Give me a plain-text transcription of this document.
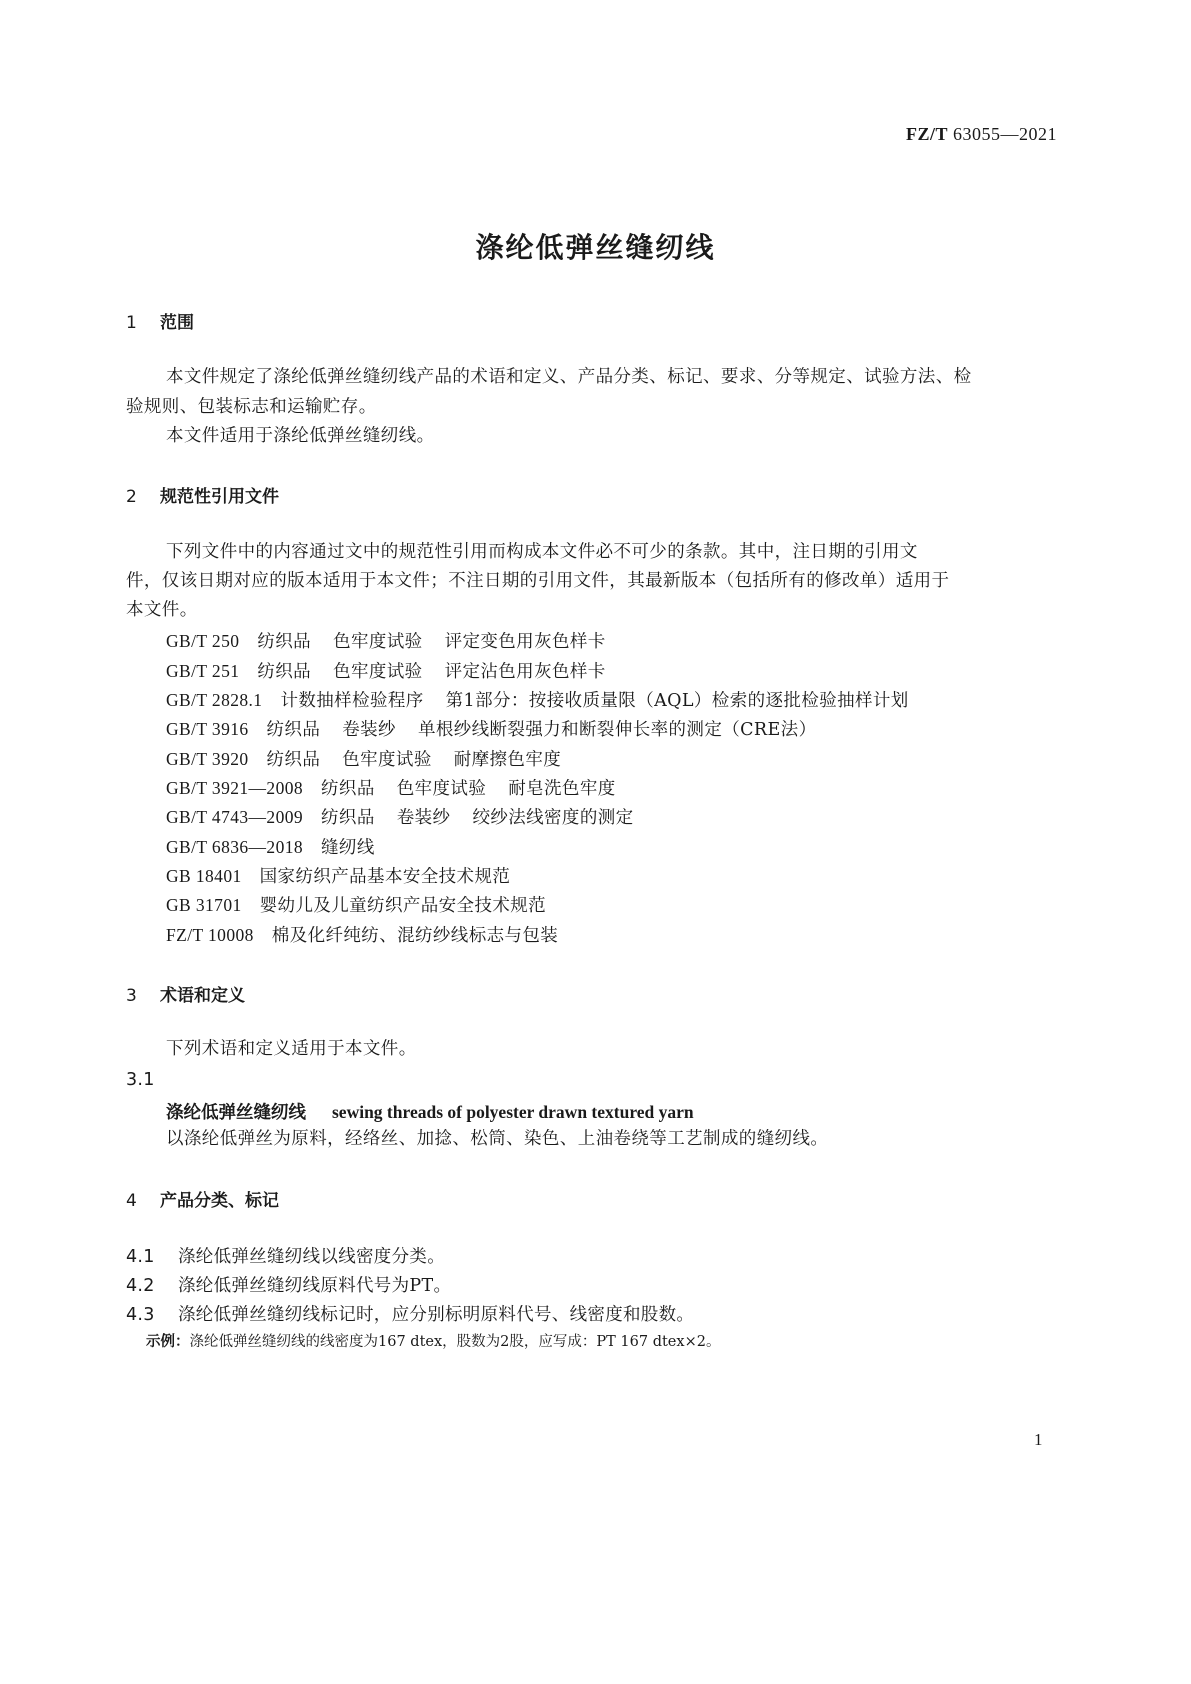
FZ/T 63055—2021
涤纶低弹丝缝纫线
1 范围
本文件规定了涤纶低弹丝缝纫线产品的术语和定义、产品分类、标记、要求、分等规定、试验方法、检
验规则、包装标志和运输贮存。
本文件适用于涤纶低弹丝缝纫线。
2 规范性引用文件
下列文件中的内容通过文中的规范性引用而构成本文件必不可少的条款。其中，注日期的引用文
件，仅该日期对应的版本适用于本文件；不注日期的引用文件，其最新版本（包括所有的修改单）适用于
本文件。
GB/T 250 纺织品 色牢度试验 评定变色用灰色样卡
GB/T 251 纺织品 色牢度试验 评定沾色用灰色样卡
GB/T 2828.1 计数抽样检验程序 第1部分：按接收质量限（AQL）检索的逐批检验抽样计划
GB/T 3916 纺织品 卷装纱 单根纱线断裂强力和断裂伸长率的测定（CRE法）
GB/T 3920 纺织品 色牢度试验 耐摩擦色牢度
GB/T 3921—2008 纺织品 色牢度试验 耐皂洗色牢度
GB/T 4743—2009 纺织品 卷装纱 绞纱法线密度的测定
GB/T 6836—2018 缝纫线
GB 18401 国家纺织产品基本安全技术规范
GB 31701 婴幼儿及儿童纺织产品安全技术规范
FZ/T 10008 棉及化纤纯纺、混纺纱线标志与包装
3 术语和定义
下列术语和定义适用于本文件。
3.1
涤纶低弹丝缝纫线 sewing threads of polyester drawn textured yarn
以涤纶低弹丝为原料，经络丝、加捻、松筒、染色、上油卷绕等工艺制成的缝纫线。
4 产品分类、标记
4.1 涤纶低弹丝缝纫线以线密度分类。
4.2 涤纶低弹丝缝纫线原料代号为PT。
4.3 涤纶低弹丝缝纫线标记时，应分别标明原料代号、线密度和股数。
示例：涤纶低弹丝缝纫线的线密度为167 dtex，股数为2股，应写成：PT 167 dtex×2。
1
